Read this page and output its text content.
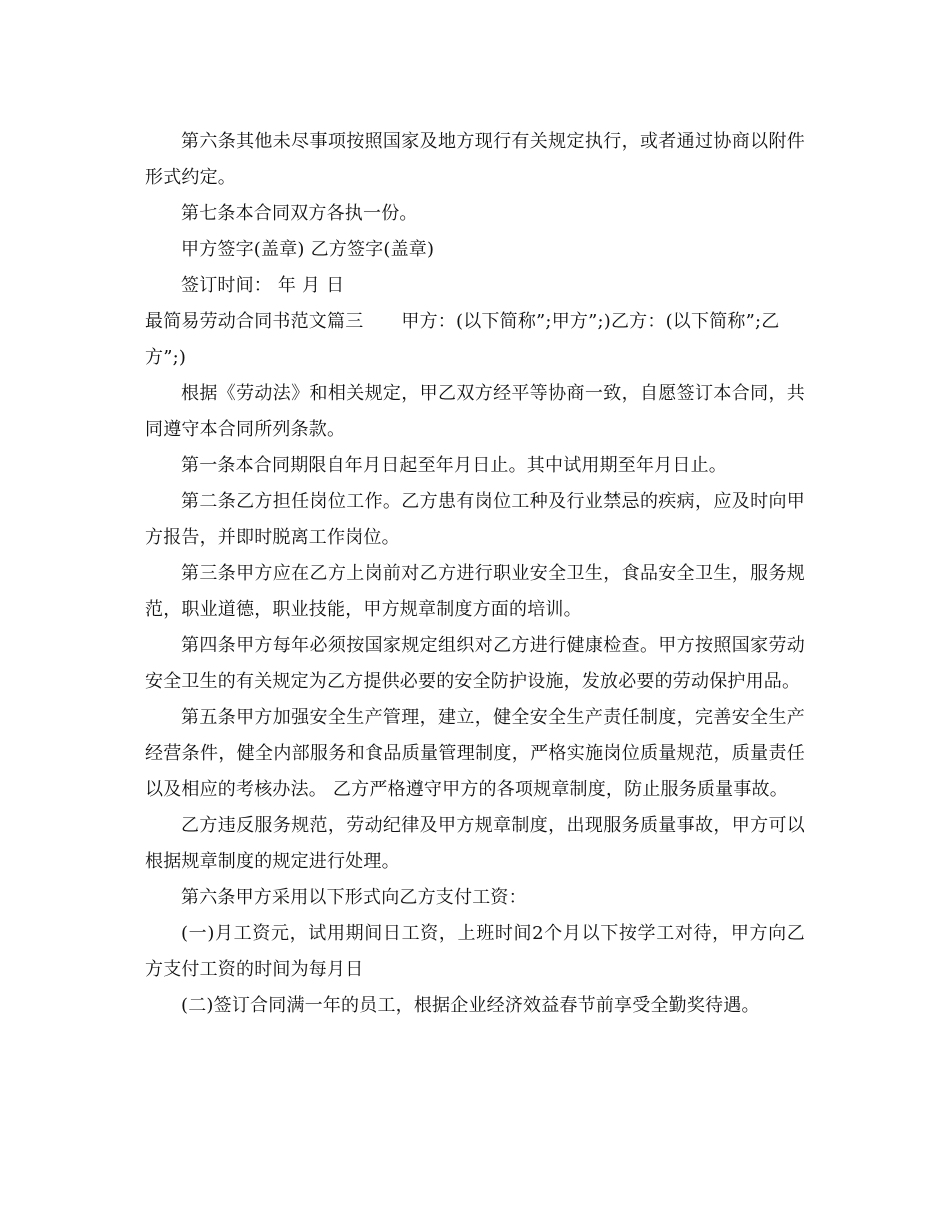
第六条其他未尽事项按照国家及地方现行有关规定执行，或者通过协商以附件形式约定。

第七条本合同双方各执一份。

甲方签字(盖章) 乙方签字(盖章)

签订时间： 年 月 日

最简易劳动合同书范文篇三 甲方：(以下简称”;甲方”;)乙方：(以下简称”;乙

方”;)

根据《劳动法》和相关规定，甲乙双方经平等协商一致，自愿签订本合同，共同遵守本合同所列条款。

第一条本合同期限自年月日起至年月日止。其中试用期至年月日止。

第二条乙方担任岗位工作。乙方患有岗位工种及行业禁忌的疾病，应及时向甲方报告，并即时脱离工作岗位。

第三条甲方应在乙方上岗前对乙方进行职业安全卫生，食品安全卫生，服务规范，职业道德，职业技能，甲方规章制度方面的培训。

第四条甲方每年必须按国家规定组织对乙方进行健康检查。甲方按照国家劳动安全卫生的有关规定为乙方提供必要的安全防护设施，发放必要的劳动保护用品。

第五条甲方加强安全生产管理，建立，健全安全生产责任制度，完善安全生产经营条件，健全内部服务和食品质量管理制度，严格实施岗位质量规范，质量责任以及相应的考核办法。 乙方严格遵守甲方的各项规章制度，防止服务质量事故。

乙方违反服务规范，劳动纪律及甲方规章制度，出现服务质量事故，甲方可以根据规章制度的规定进行处理。

第六条甲方采用以下形式向乙方支付工资：

(一)月工资元，试用期间日工资，上班时间2个月以下按学工对待，甲方向乙方支付工资的时间为每月日

(二)签订合同满一年的员工，根据企业经济效益春节前享受全勤奖待遇。
